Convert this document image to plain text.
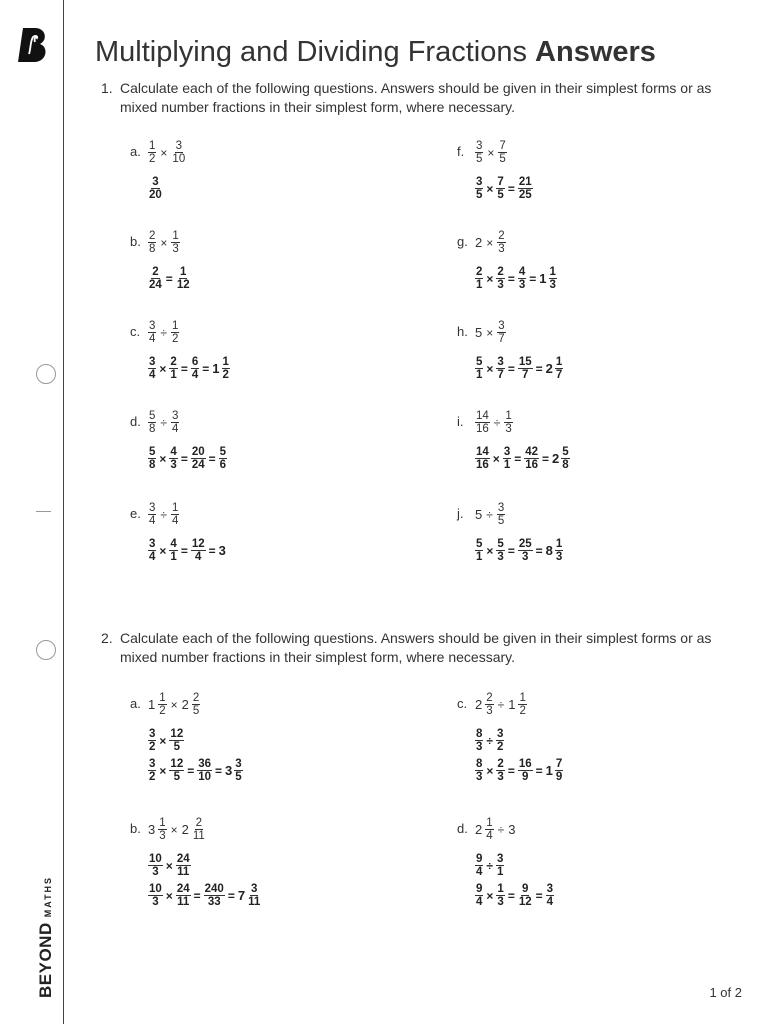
BEYONDMATHS
Multiplying and Dividing Fractions Answers
1. Calculate each of the following questions. Answers should be given in their simplest forms or as mixed number fractions in their simplest form, where necessary.
2. Calculate each of the following questions. Answers should be given in their simplest forms or as mixed number fractions in their simplest form, where necessary.
a. $\frac{1}{2} \times \frac{3}{10}$
$\frac{3}{20}$
b. $\frac{2}{8} \times \frac{1}{3}$
$\frac{2}{24} = \frac{1}{12}$
c. $\frac{3}{4} \div \frac{1}{2}$
$\frac{3}{4} \times \frac{2}{1} = \frac{6}{4} = 1 \frac{1}{2}$
d. $\frac{5}{8} \div \frac{3}{4}$
$\frac{5}{8} \times \frac{4}{3} = \frac{20}{24} = \frac{5}{6}$
e. $\frac{3}{4} \div \frac{1}{4}$
$\frac{3}{4} \times \frac{4}{1} = \frac{12}{4} = 3$
f. $\frac{3}{5} \times \frac{7}{5}$
$\frac{3}{5} \times \frac{7}{5} = \frac{21}{25}$
g. $2 \times \frac{2}{3}$
$\frac{2}{1} \times \frac{2}{3} = \frac{4}{3} = 1 \frac{1}{3}$
h. $5 \times \frac{3}{7}$
$\frac{5}{1} \times \frac{3}{7} = \frac{15}{7} = 2 \frac{1}{7}$
i.	$\frac{14}{16} \div \frac{1}{3}$
$\frac{14}{16} \times \frac{3}{1} = \frac{42}{16} = 2 \frac{5}{8}$
j. $5 \div \frac{3}{5}$
$\frac{5}{1} \times \frac{5}{3} = \frac{25}{3} = 8 \frac{1}{3}$
a. $1 \frac{1}{2} \times 2 \frac{2}{5}$
$\frac{3}{2} \times \frac{12}{5}$
$\frac{3}{2} \times \frac{12}{5} = \frac{36}{10} = 3 \frac{3}{5}$
b. $3 \frac{1}{3} \times 2 \frac{2}{11}$
$\frac{10}{3} \times \frac{24}{11}$
$\frac{10}{3} \times \frac{24}{11} = \frac{240}{33} = 7 \frac{3}{11}$
c. $2 \frac{2}{3} \div 1 \frac{1}{2}$
$\frac{8}{3} \div \frac{3}{2}$
$\frac{8}{3} \times \frac{2}{3} = \frac{16}{9} = 1 \frac{7}{9}$
d. $2 \frac{1}{4} \div 3$
$\frac{9}{4} \div \frac{3}{1}$
$\frac{9}{4} \times \frac{1}{3} = \frac{9}{12} = \frac{3}{4}$
1 of 2
